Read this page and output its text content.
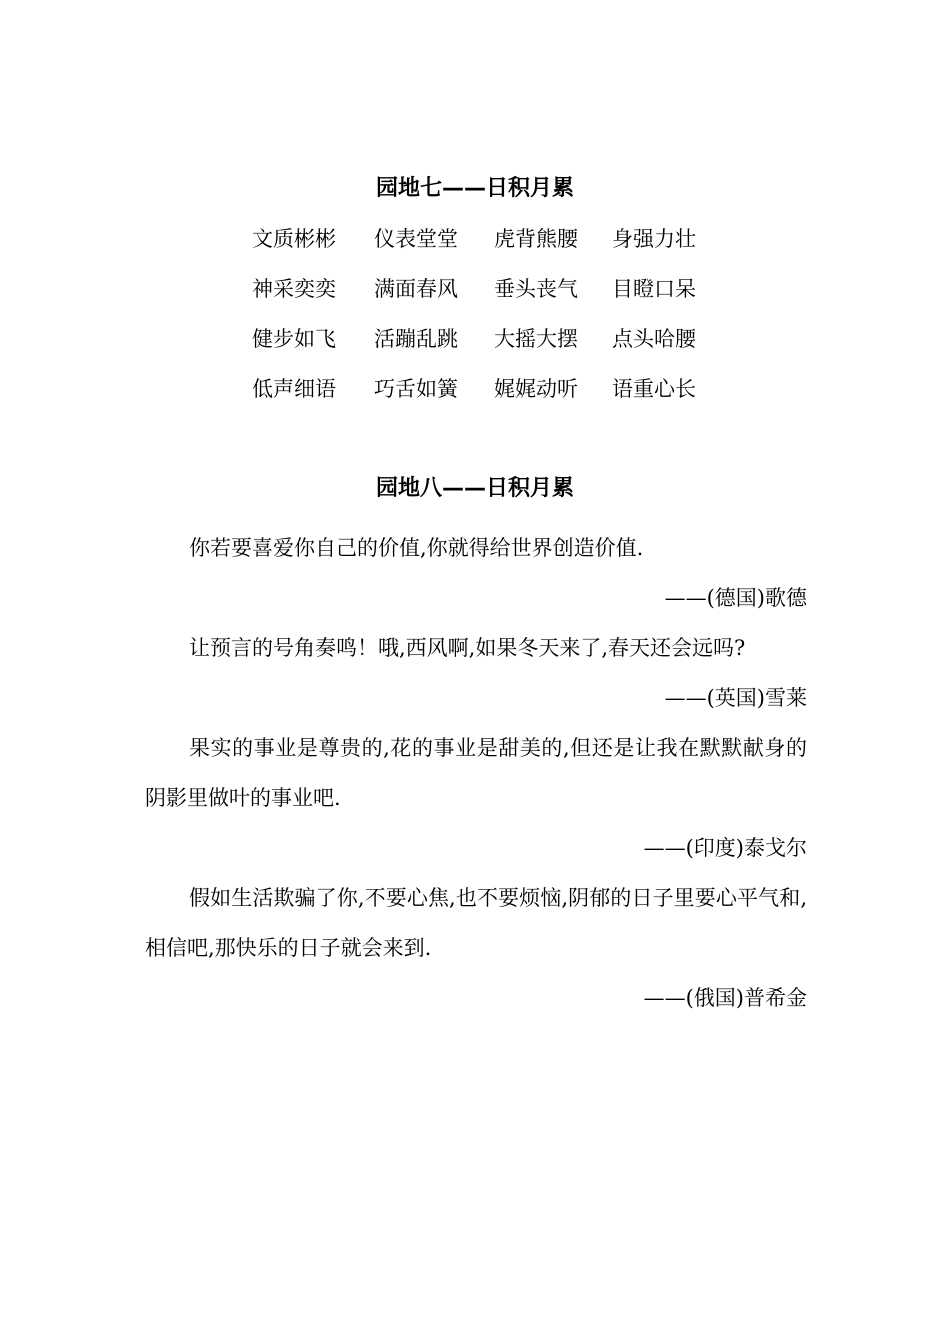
园地七——日积月累
文质彬彬 仪表堂堂 虎背熊腰 身强力壮
神采奕奕 满面春风 垂头丧气 目瞪口呆
健步如飞 活蹦乱跳 大摇大摆 点头哈腰
低声细语 巧舌如簧 娓娓动听 语重心长
园地八——日积月累

你若要喜爱你自己的价值,你就得给世界创造价值.

——(德国)歌德

让预言的号角奏鸣！哦,西风啊,如果冬天来了,春天还会远吗?

——(英国)雪莱

果实的事业是尊贵的,花的事业是甜美的,但还是让我在默默献身的阴影里做叶的事业吧.

——(印度)泰戈尔

假如生活欺骗了你,不要心焦,也不要烦恼,阴郁的日子里要心平气和,相信吧,那快乐的日子就会来到.

——(俄国)普希金
